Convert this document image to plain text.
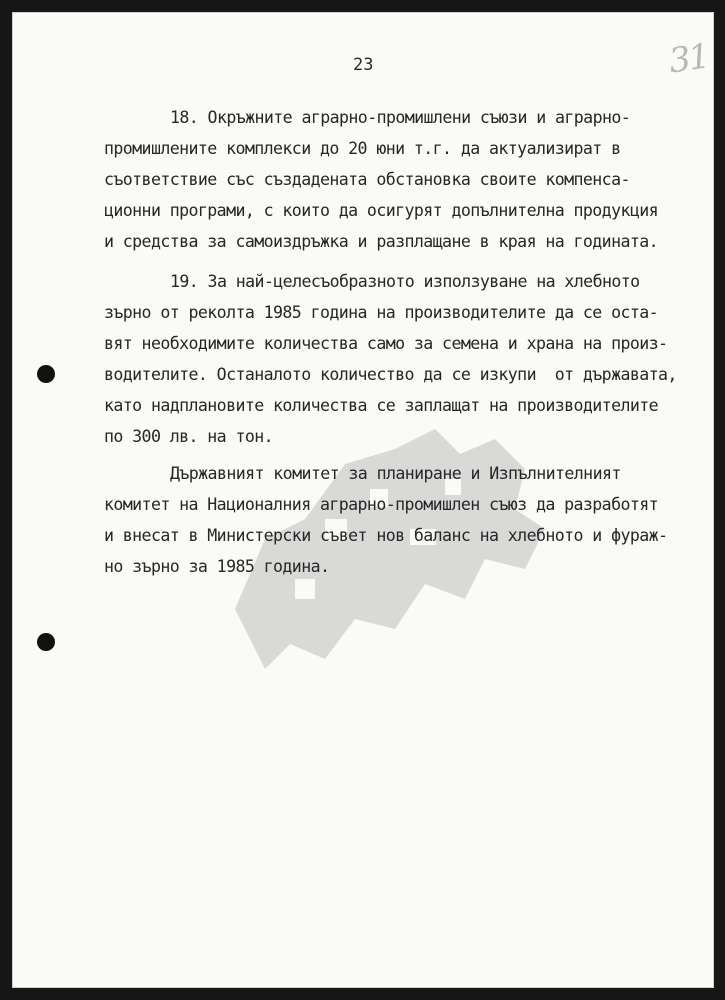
23	31
18. Окръжните аграрно-промишлени съюзи и аграрно-
промишлените комплекси до 20 юни т.г. да актуализират в
съответствие със създадената обстановка своите компенса-
ционни програми, с които да осигурят допълнителна продукция
и средства за самоиздръжка и разплащане в края на годината.
19. За най-целесъобразното използуване на хлебното
зърно от реколта 1985 година на производителите да се оста-
вят необходимите количества само за семена и храна на произ-
водителите. Останалото количество да се изкупи  от държавата,
като надплановите количества се заплащат на производителите
по 300 лв. на тон.
Държавният комитет за планиране и Изпълнителният
комитет на Националния аграрно-промишлен съюз да разработят
и внесат в Министерски съвет нов баланс на хлебното и фураж-
но зърно за 1985 година.
